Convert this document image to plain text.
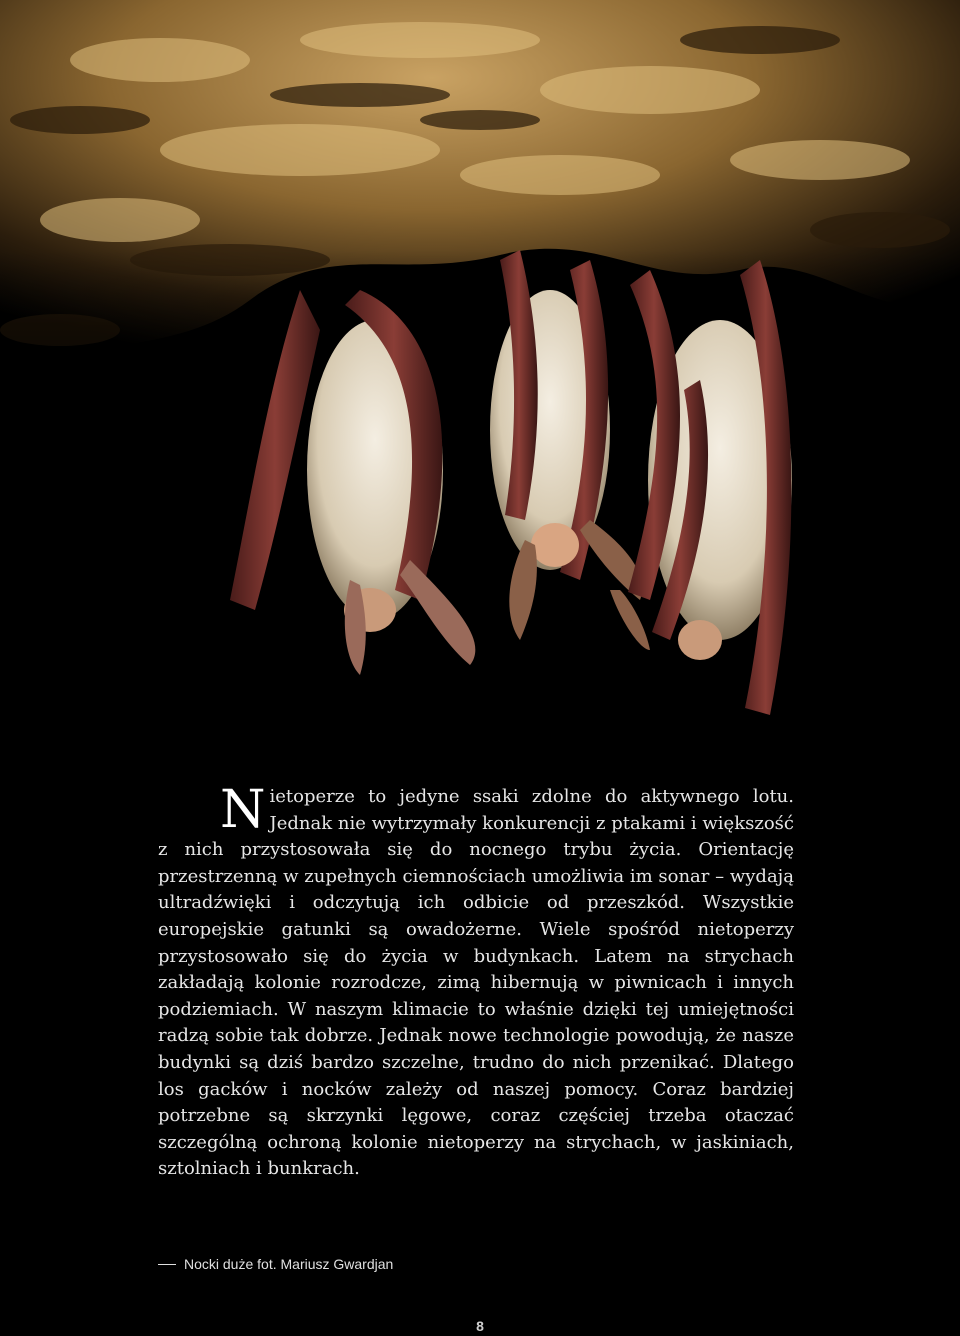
Nietoperze to jedyne ssaki zdolne do aktywnego lotu. Jednak nie wytrzymały konkurencji z ptakami i większość z nich przystosowała się do nocnego trybu życia. Orientację przestrzenną w zupełnych ciemnościach umożliwia im sonar – wydają ultradźwięki i odczytują ich odbicie od przeszkód. Wszystkie europejskie gatunki są owadożerne. Wiele spośród nietoperzy przystosowało się do życia w budynkach. Latem na strychach zakładają kolonie rozrodcze, zimą hibernują w piwnicach i innych podziemiach. W naszym klimacie to właśnie dzięki tej umiejętności radzą sobie tak dobrze. Jednak nowe technologie powodują, że nasze budynki są dziś bardzo szczelne, trudno do nich przenikać. Dlatego los gacków i nocków zależy od naszej pomocy. Coraz bardziej potrzebne są skrzynki lęgowe, coraz częściej trzeba otaczać szczególną ochroną kolonie nietoperzy na strychach, w jaskiniach, sztolniach i bunkrach.
Nocki duże fot. Mariusz Gwardjan
8
